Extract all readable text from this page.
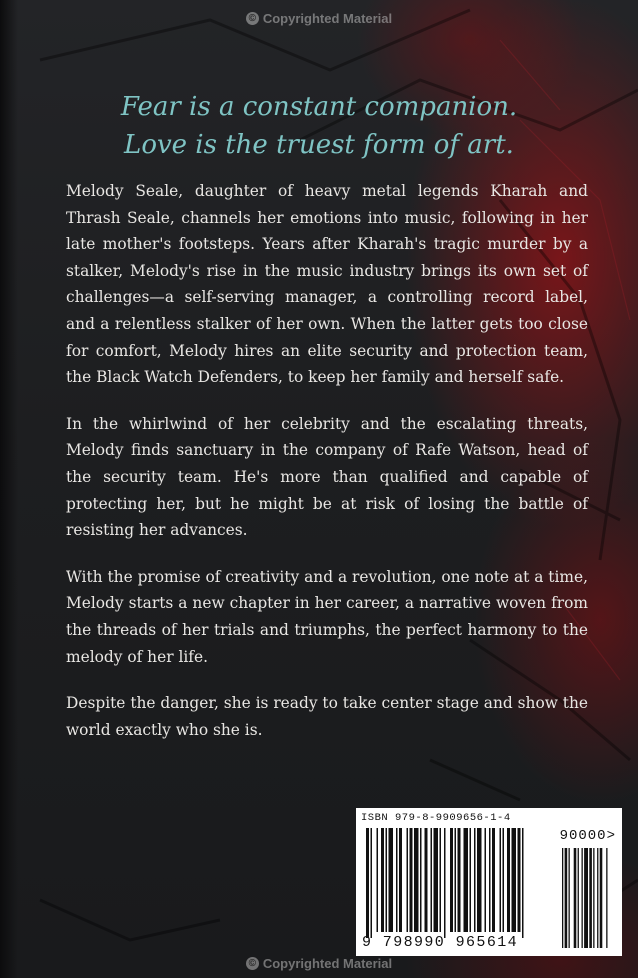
© Copyrighted Material
Fear is a constant companion.
Love is the truest form of art.

Melody Seale, daughter of heavy metal legends Kharah and Thrash Seale, channels her emotions into music, following in her late mother's footsteps. Years after Kharah's tragic murder by a stalker, Melody's rise in the music industry brings its own set of challenges—a self-serving manager, a controlling record label, and a relentless stalker of her own. When the latter gets too close for comfort, Melody hires an elite security and protection team, the Black Watch Defenders, to keep her family and herself safe.

In the whirlwind of her celebrity and the escalating threats, Melody finds sanctuary in the company of Rafe Watson, head of the security team. He's more than qualified and capable of protecting her, but he might be at risk of losing the battle of resisting her advances.

With the promise of creativity and a revolution, one note at a time, Melody starts a new chapter in her career, a narrative woven from the threads of her trials and triumphs, the perfect harmony to the melody of her life.

Despite the danger, she is ready to take center stage and show the world exactly who she is.

ISBN 979-8-9909656-1-4
90000>
9 798990 965614
© Copyrighted Material
